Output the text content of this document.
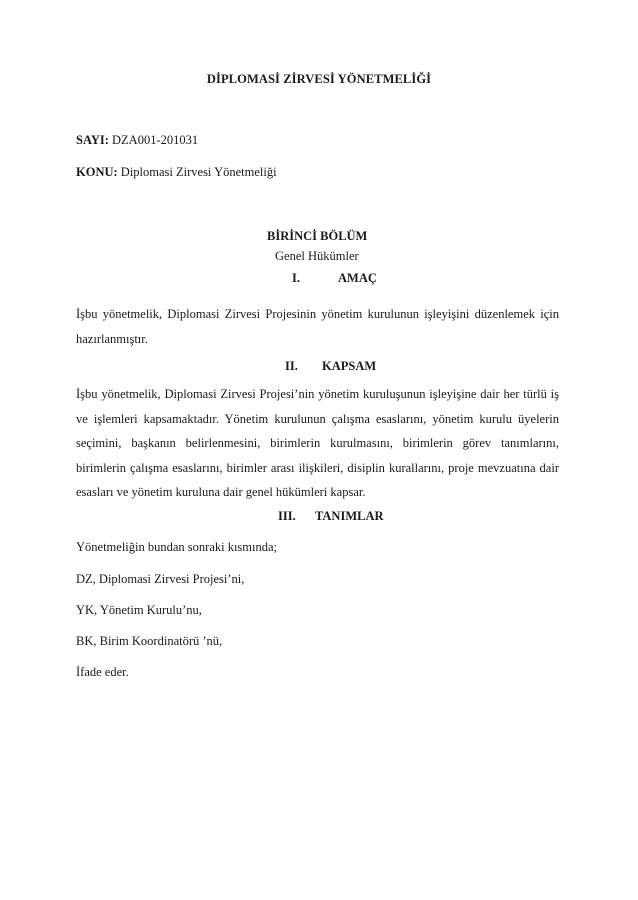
DİPLOMASİ ZİRVESİ YÖNETMELİĞİ
SAYI: DZA001-201031
KONU: Diplomasi Zirvesi Yönetmeliği
BİRİNCİ BÖLÜM
Genel Hükümler
I.	AMAÇ

İşbu yönetmelik, Diplomasi Zirvesi Projesinin yönetim kurulunun işleyişini düzenlemek için hazırlanmıştır.

II.	KAPSAM

İşbu yönetmelik, Diplomasi Zirvesi Projesi’nin yönetim kuruluşunun işleyişine dair her türlü iş ve işlemleri kapsamaktadır. Yönetim kurulunun çalışma esaslarını, yönetim kurulu üyelerin seçimini, başkanın belirlenmesini, birimlerin kurulmasını, birimlerin görev tanımlarını, birimlerin çalışma esaslarını, birimler arası ilişkileri, disiplin kurallarını, proje mevzuatına dair esasları ve yönetim kuruluna dair genel hükümleri kapsar.

III.	TANIMLAR
Yönetmeliğin bundan sonraki kısmında;
DZ, Diplomasi Zirvesi Projesi’ni,
YK, Yönetim Kurulu’nu,
BK, Birim Koordinatörü ’nü,
İfade eder.
